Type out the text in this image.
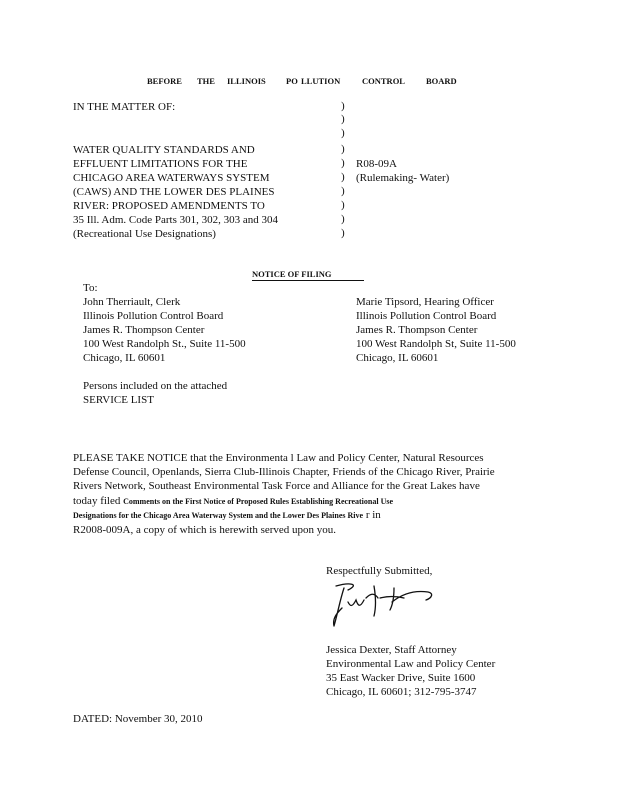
BEFORE THE ILLINOIS PO LLUTION	CONTROL BOARD
IN THE MATTER OF:
WATER QUALITY STANDARDS AND
EFFLUENT LIMITATIONS FOR THE
CHICAGO AREA WATERWAYS SYSTEM
(CAWS) AND THE LOWER DES PLAINES
RIVER: PROPOSED AMENDMENTS TO
35 Ill. Adm. Code Parts 301, 302, 303 and 304
(Recreational Use Designations)
)
)
)
)
)
)
)
)
)
)
R08-09A
(Rulemaking- Water)
NOTICE OF FILING
To:
John Therriault, Clerk
Illinois Pollution Control Board
James R. Thompson Center
100 West Randolph St., Suite 11-500
Chicago, IL 60601
Marie Tipsord, Hearing Officer
Illinois Pollution Control Board
James R. Thompson Center
100 West Randolph St, Suite 11-500
Chicago, IL 60601
Persons included on the attached
SERVICE LIST
PLEASE TAKE NOTICE that the Environmenta l Law and Policy Center, Natural Resources
Defense Council, Openlands, Sierra Club-Illinois Chapter, Friends of the Chicago River, Prairie
Rivers Network, Southeast Environmental Task Force and Alliance for the Great Lakes have
today filed Comments on the First Notice of Proposed Rules Establishing Recreational Use
Designations for the Chicago Area Waterway System and the Lower Des Plaines Rive r in
R2008-009A, a copy of which is herewith served upon you.
Respectfully Submitted,
Jessica Dexter, Staff Attorney
Environmental Law and Policy Center
35 East Wacker Drive, Suite 1600
Chicago, IL 60601; 312-795-3747
DATED: November 30, 2010
